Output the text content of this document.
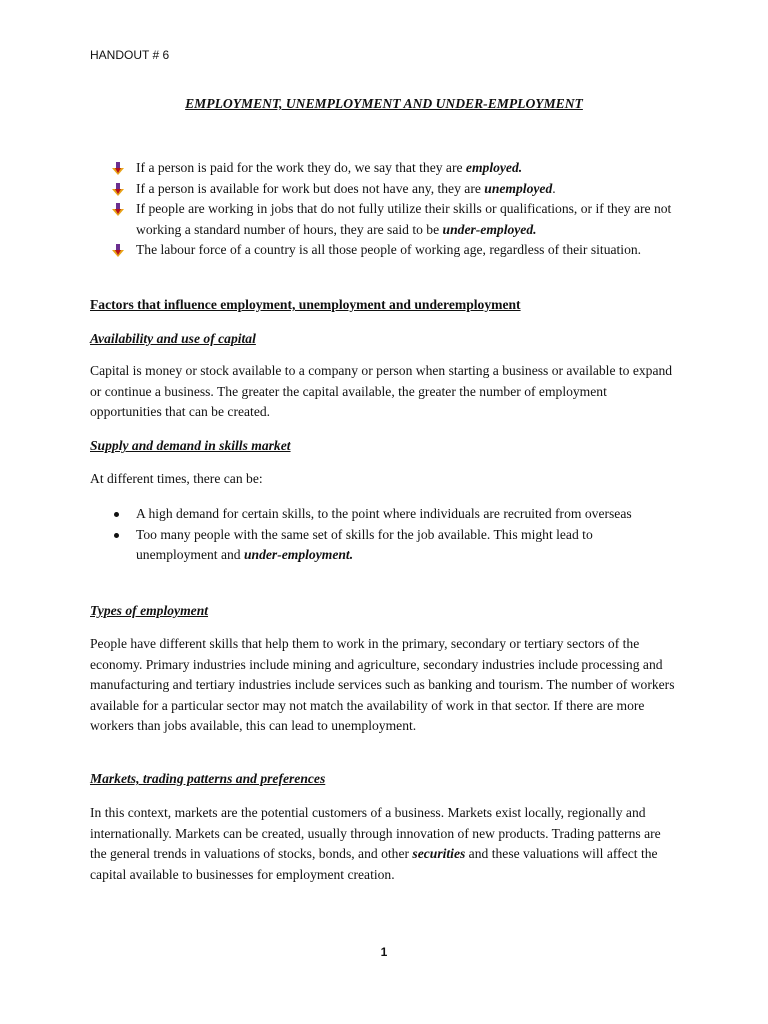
HANDOUT # 6
EMPLOYMENT, UNEMPLOYMENT AND UNDER-EMPLOYMENT
If a person is paid for the work they do, we say that they are employed.
If a person is available for work but does not have any, they are unemployed.
If people are working in jobs that do not fully utilize their skills or qualifications, or if they are not working a standard number of hours, they are said to be under-employed.
The labour force of a country is all those people of working age, regardless of their situation.

Factors that influence employment, unemployment and underemployment

Availability and use of capital

Capital is money or stock available to a company or person when starting a business or available to expand or continue a business. The greater the capital available, the greater the number of employment opportunities that can be created.

Supply and demand in skills market

At different times, there can be:

A high demand for certain skills, to the point where individuals are recruited from overseas
Too many people with the same set of skills for the job available. This might lead to unemployment and under-employment.

Types of employment

People have different skills that help them to work in the primary, secondary or tertiary sectors of the economy. Primary industries include mining and agriculture, secondary industries include processing and manufacturing and tertiary industries include services such as banking and tourism. The number of workers available for a particular sector may not match the availability of work in that sector. If there are more workers than jobs available, this can lead to unemployment.

Markets, trading patterns and preferences

In this context, markets are the potential customers of a business. Markets exist locally, regionally and internationally. Markets can be created, usually through innovation of new products. Trading patterns are the general trends in valuations of stocks, bonds, and other securities and these valuations will affect the capital available to businesses for employment creation.

1
